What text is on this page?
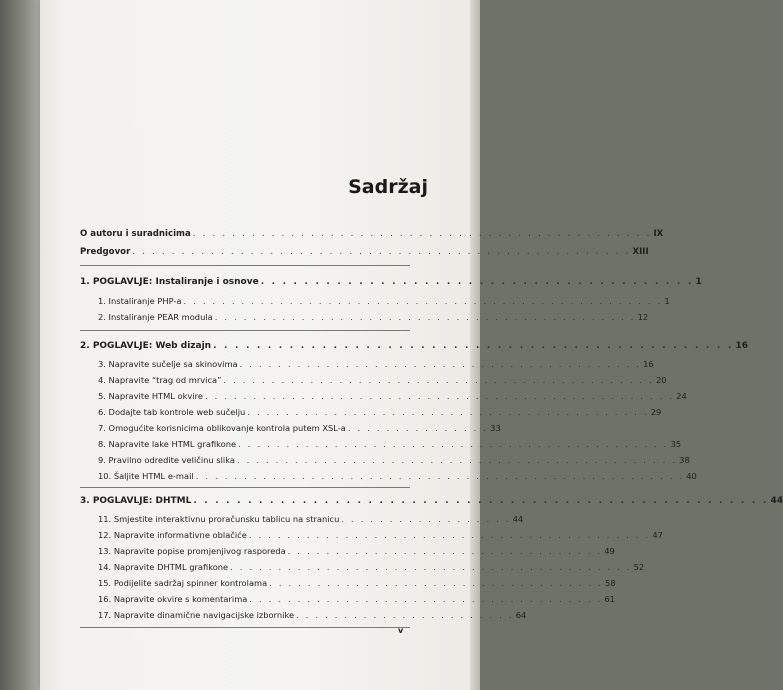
Sadržaj
O autoru i suradnicima . . . . . . . . . . . . . . . . . . . . . . . . . . . . . . . . . . . . . . . . . . . . . . . IX
Predgovor . . . . . . . . . . . . . . . . . . . . . . . . . . . . . . . . . . . . . . . . . . . . . . . . . . . XIII
1. POGLAVLJE: Instaliranje i osnove . . . . . . . . . . . . . . . . . . . . . . . . . . . . . . . . . . . . . . . . 1
1. Instaliranje PHP-a . . . . . . . . . . . . . . . . . . . . . . . . . . . . . . . . . . . . . . . . . . . . . . . . . . 1
2. Instaliranje PEAR modula . . . . . . . . . . . . . . . . . . . . . . . . . . . . . . . . . . . . . . . . . . . . 12
2. POGLAVLJE: Web dizajn . . . . . . . . . . . . . . . . . . . . . . . . . . . . . . . . . . . . . . . . . . . . . . . . 16
3. Napravite sučelje sa skinovima . . . . . . . . . . . . . . . . . . . . . . . . . . . . . . . . . . . . . . . . . . 16
4. Napravite “trag od mrvica” . . . . . . . . . . . . . . . . . . . . . . . . . . . . . . . . . . . . . . . . . . . . . 20
5. Napravite HTML okvire . . . . . . . . . . . . . . . . . . . . . . . . . . . . . . . . . . . . . . . . . . . . . . . . . 24
6. Dodajte tab kontrole web sučelju . . . . . . . . . . . . . . . . . . . . . . . . . . . . . . . . . . . . . . . . . . 29
7. Omogućite korisnicima oblikovanje kontrola putem XSL-a . . . . . . . . . . . . . . . 33
8. Napravite lake HTML grafikone . . . . . . . . . . . . . . . . . . . . . . . . . . . . . . . . . . . . . . . . . . . . . 35
9. Pravilno odredite veličinu slika . . . . . . . . . . . . . . . . . . . . . . . . . . . . . . . . . . . . . . . . . . . . . . 38
10. Šaljite HTML e-mail . . . . . . . . . . . . . . . . . . . . . . . . . . . . . . . . . . . . . . . . . . . . . . . . . . . 40
3. POGLAVLJE: DHTML . . . . . . . . . . . . . . . . . . . . . . . . . . . . . . . . . . . . . . . . . . . . . . . . . . . . . 44
11. Smjestite interaktivnu proračunsku tablicu na stranicu . . . . . . . . . . . . . . . . . . 44
12. Napravite informativne oblačiće . . . . . . . . . . . . . . . . . . . . . . . . . . . . . . . . . . . . . . . . . . 47
13. Napravite popise promjenjivog rasporeda . . . . . . . . . . . . . . . . . . . . . . . . . . . . . . . . . 49
14. Napravite DHTML grafikone . . . . . . . . . . . . . . . . . . . . . . . . . . . . . . . . . . . . . . . . . . 52
15. Podijelite sadržaj spinner kontrolama . . . . . . . . . . . . . . . . . . . . . . . . . . . . . . . . . . . 58
16. Napravite okvire s komentarima . . . . . . . . . . . . . . . . . . . . . . . . . . . . . . . . . . . . . 61
17. Napravite dinamične navigacijske izbornike . . . . . . . . . . . . . . . . . . . . . . . 64
v
